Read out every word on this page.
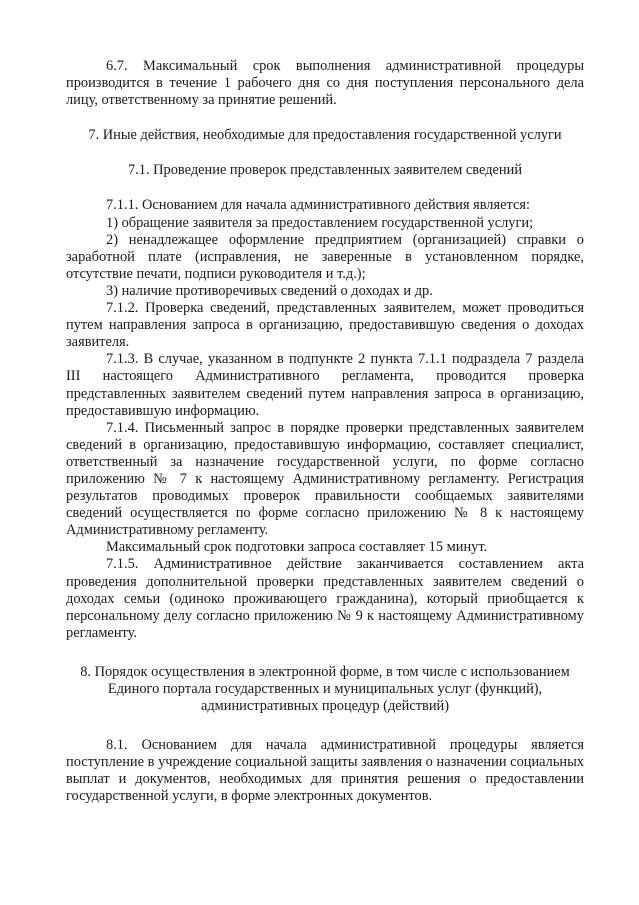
6.7. Максимальный срок выполнения административной процедуры производится в течение 1 рабочего дня со дня поступления персонального дела лицу, ответственному за принятие решений.

7. Иные действия, необходимые для предоставления государственной услуги

7.1. Проведение проверок представленных заявителем сведений

7.1.1. Основанием для начала административного действия является:

1) обращение заявителя за предоставлением государственной услуги;

2) ненадлежащее оформление предприятием (организацией) справки о заработной плате (исправления, не заверенные в установленном порядке, отсутствие печати, подписи руководителя и т.д.);

3) наличие противоречивых сведений о доходах и др.

7.1.2. Проверка сведений, представленных заявителем, может проводиться путем направления запроса в организацию, предоставившую сведения о доходах заявителя.

7.1.3. В случае, указанном в подпункте 2 пункта 7.1.1 подраздела 7 раздела III настоящего Административного регламента, проводится проверка представленных заявителем сведений путем направления запроса в организацию, предоставившую информацию.

7.1.4. Письменный запрос в порядке проверки представленных заявителем сведений в организацию, предоставившую информацию, составляет специалист, ответственный за назначение государственной услуги, по форме согласно приложению № 7 к настоящему Административному регламенту. Регистрация результатов проводимых проверок правильности сообщаемых заявителями сведений осуществляется по форме согласно приложению № 8 к настоящему Административному регламенту.

Максимальный срок подготовки запроса составляет 15 минут.

7.1.5. Административное действие заканчивается составлением акта проведения дополнительной проверки представленных заявителем сведений о доходах семьи (одиноко проживающего гражданина), который приобщается к персональному делу согласно приложению № 9 к настоящему Административному регламенту.

8. Порядок осуществления в электронной форме, в том числе с использованием

Единого портала государственных и муниципальных услуг (функций),

административных процедур (действий)

8.1. Основанием для начала административной процедуры является поступление в учреждение социальной защиты заявления о назначении социальных выплат и документов, необходимых для принятия решения о предоставлении государственной услуги, в форме электронных документов.
